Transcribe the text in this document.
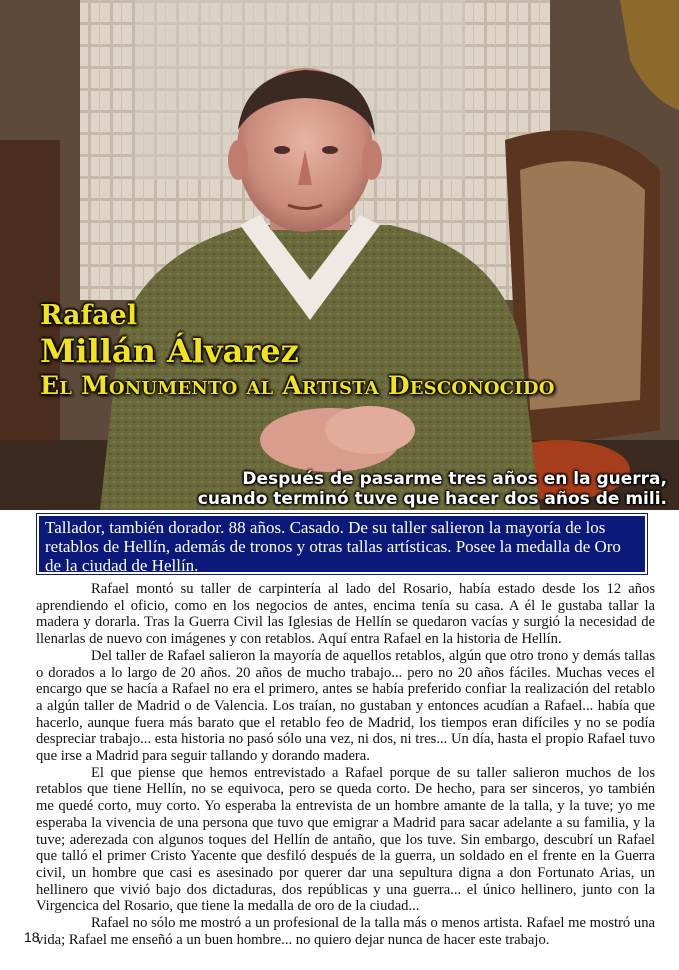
Rafael
Millán Álvarez
El Monumento al Artista Desconocido
Después de pasarme tres años en la guerra,
cuando terminó tuve que hacer dos años de mili.
Tallador, también dorador. 88 años. Casado. De su taller salieron la mayoría de los retablos de Hellín, además de tronos y otras tallas artísticas. Posee la medalla de Oro de la ciudad de Hellín.

Rafael montó su taller de carpintería al lado del Rosario, había estado desde los 12 años aprendiendo el oficio, como en los negocios de antes, encima tenía su casa. A él le gustaba tallar la madera y dorarla. Tras la Guerra Civil las Iglesias de Hellín se quedaron vacías y surgió la necesidad de llenarlas de nuevo con imágenes y con retablos. Aquí entra Rafael en la historia de Hellín.

Del taller de Rafael salieron la mayoría de aquellos retablos, algún que otro trono y demás tallas o dorados a lo largo de 20 años. 20 años de mucho trabajo... pero no 20 años fáciles. Muchas veces el encargo que se hacía a Rafael no era el primero, antes se había preferido confiar la realización del retablo a algún taller de Madrid o de Valencia. Los traían, no gustaban y entonces acudían a Rafael... había que hacerlo, aunque fuera más barato que el retablo feo de Madrid, los tiempos eran difíciles y no se podía despreciar trabajo... esta historia no pasó sólo una vez, ni dos, ni tres... Un día, hasta el propio Rafael tuvo que irse a Madrid para seguir tallando y dorando madera.

El que piense que hemos entrevistado a Rafael porque de su taller salieron muchos de los retablos que tiene Hellín, no se equivoca, pero se queda corto. De hecho, para ser sinceros, yo también me quedé corto, muy corto. Yo esperaba la entrevista de un hombre amante de la talla, y la tuve; yo me esperaba la vivencia de una persona que tuvo que emigrar a Madrid para sacar adelante a su familia, y la tuve; aderezada con algunos toques del Hellín de antaño, que los tuve. Sin embargo, descubrí un Rafael que talló el primer Cristo Yacente que desfiló después de la guerra, un soldado en el frente en la Guerra civil, un hombre que casi es asesinado por querer dar una sepultura digna a don Fortunato Arias, un hellinero que vivió bajo dos dictaduras, dos repúblicas y una guerra... el único hellinero, junto con la Virgencica del Rosario, que tiene la medalla de oro de la ciudad...

Rafael no sólo me mostró a un profesional de la talla más o menos artista. Rafael me mostró una vida; Rafael me enseñó a un buen hombre... no quiero dejar nunca de hacer este trabajo.

18
